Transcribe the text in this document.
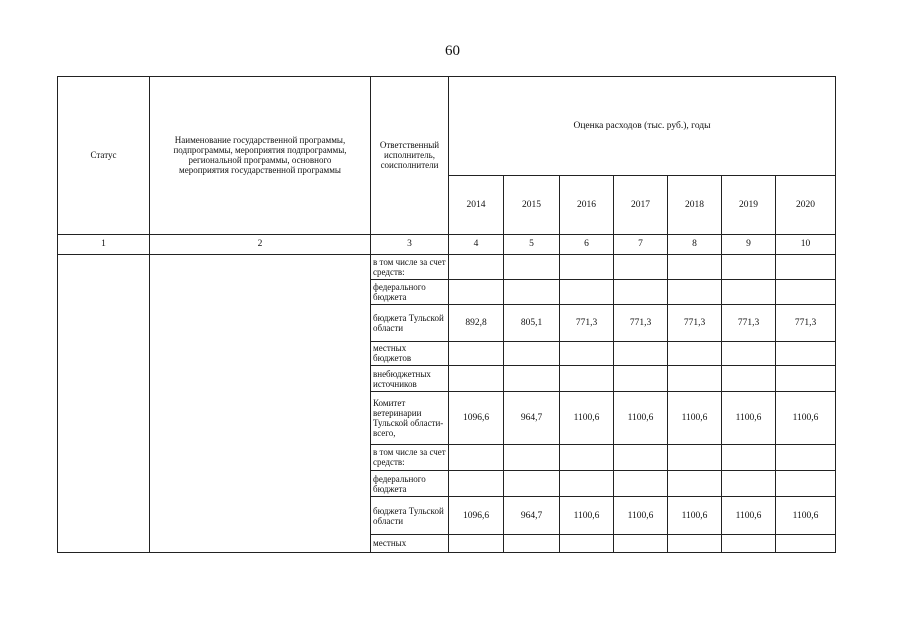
60
Статус	Наименование государственной программы, подпрограммы, мероприятия подпрограммы, региональной программы, основного мероприятия государственной программы	Ответственный исполнитель, соисполнители	Оценка расходов (тыс. руб.), годы						
			2014	2015	2016	2017	2018	2019	2020
1	2	3	4	5	6	7	8	9	10
		в том числе за счет средств:							
		федерального бюджета							
		бюджета Тульской области	892,8	805,1	771,3	771,3	771,3	771,3	771,3
		местных бюджетов							
		внебюджетных источников							
		Комитет ветеринарии Тульской области- всего,	1096,6	964,7	1100,6	1100,6	1100,6	1100,6	1100,6
		в том числе за счет средств:							
		федерального бюджета							
		бюджета Тульской области	1096,6	964,7	1100,6	1100,6	1100,6	1100,6	1100,6
		местных							
